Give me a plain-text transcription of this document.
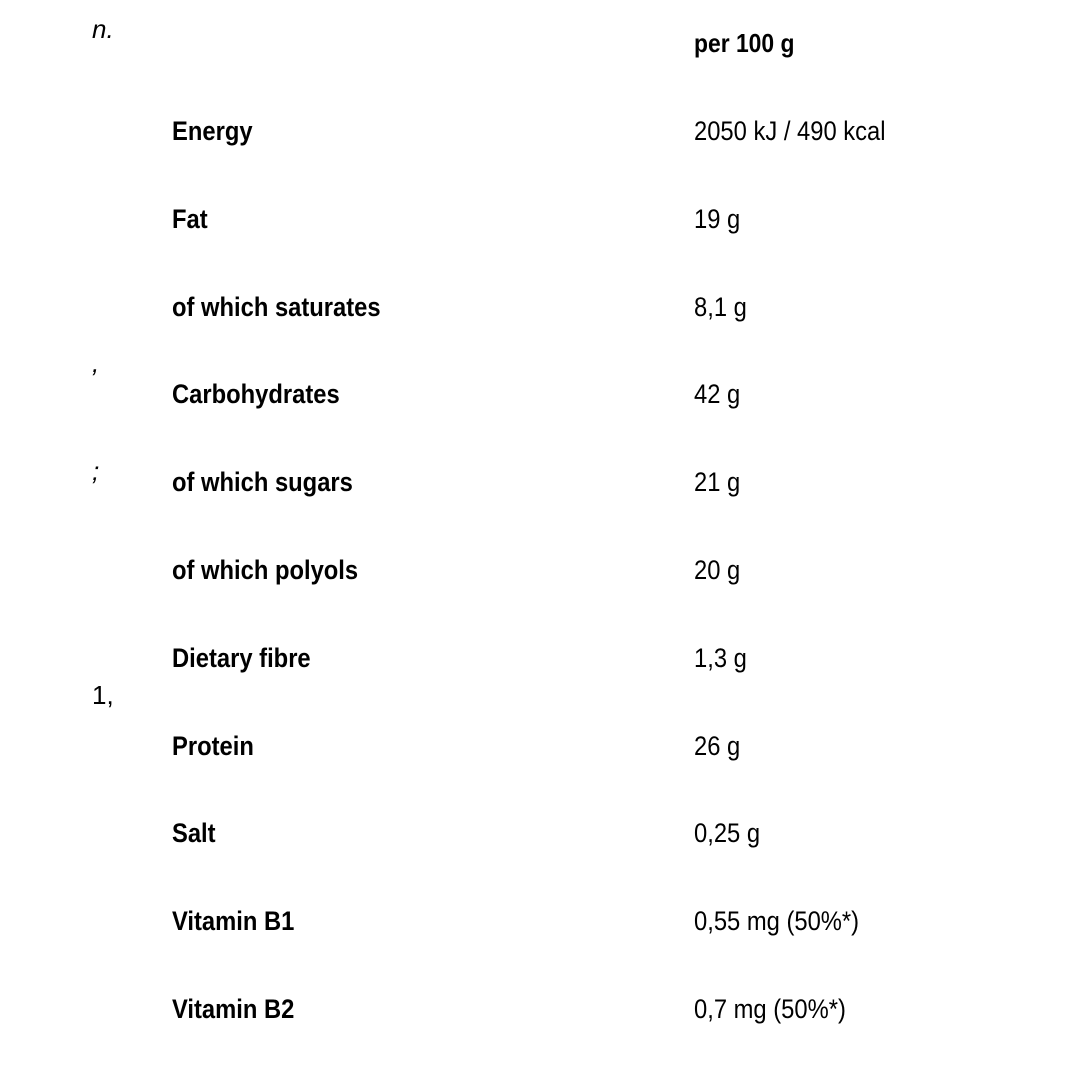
n.
,
;
1,
per 100 g
Energy	2050 kJ / 490 kcal
Fat	19 g
of which saturates	8,1 g
Carbohydrates	42 g
of which sugars	21 g
of which polyols	20 g
Dietary fibre	1,3 g
Protein	26 g
Salt	0,25 g
Vitamin B1	0,55 mg (50%*)
Vitamin B2	0,7 mg (50%*)
